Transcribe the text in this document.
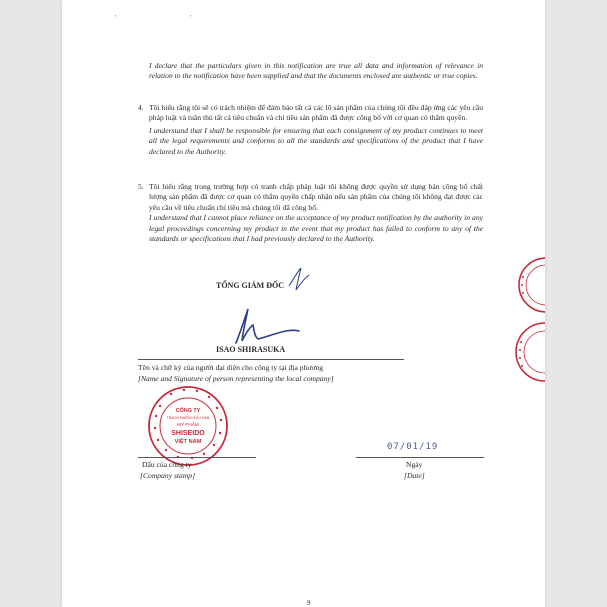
'                                          '
I declare that the particulars given in this notification are true all data and information of relevance in relation to the notification have been supplied and that the documents enclosed are authentic or true copies.
4. Tôi hiểu rằng tôi sẽ có trách nhiệm để đảm bảo tất cả các lô sản phẩm của chúng tôi đều đáp ứng các yêu cầu pháp luật và tuân thủ tất cả tiêu chuẩn và chỉ tiêu sản phẩm đã được công bố với cơ quan có thẩm quyền.
I understand that I shall be responsible for ensuring that each consignment of my product continues to meet all the legal requirements and conforms to all the standards and specifications of the product that I have declared to the Authority.
5. Tôi hiểu rằng trong trường hợp có tranh chấp pháp luật tôi không được quyền sử dụng bản công bố chất lượng sản phẩm đã được cơ quan có thẩm quyền chấp nhận nếu sản phẩm của chúng tôi không đạt được các yêu cầu về tiêu chuẩn chỉ tiêu mà chúng tôi đã công bố.
I understand that I cannot place reliance on the acceptance of my product notification by the authority in any legal proceedings concerning my product in the event that my product has failed to conform to any of the standards or specifications that I had previously declared to the Authority.
TỔNG GIÁM ĐỐC
ISAO SHIRASUKA
Tên và chữ ký của người đại diện cho công ty tại địa phương
[Name and Signature of person representing the local company]
CÔNG TY
TRÁCH NHIỆM HỮU HẠN
MỸ PHẨM
SHISEIDO
VIỆT NAM
Dấu của công ty
[Company stamp]
07/01/19
Ngày
[Date]
9
